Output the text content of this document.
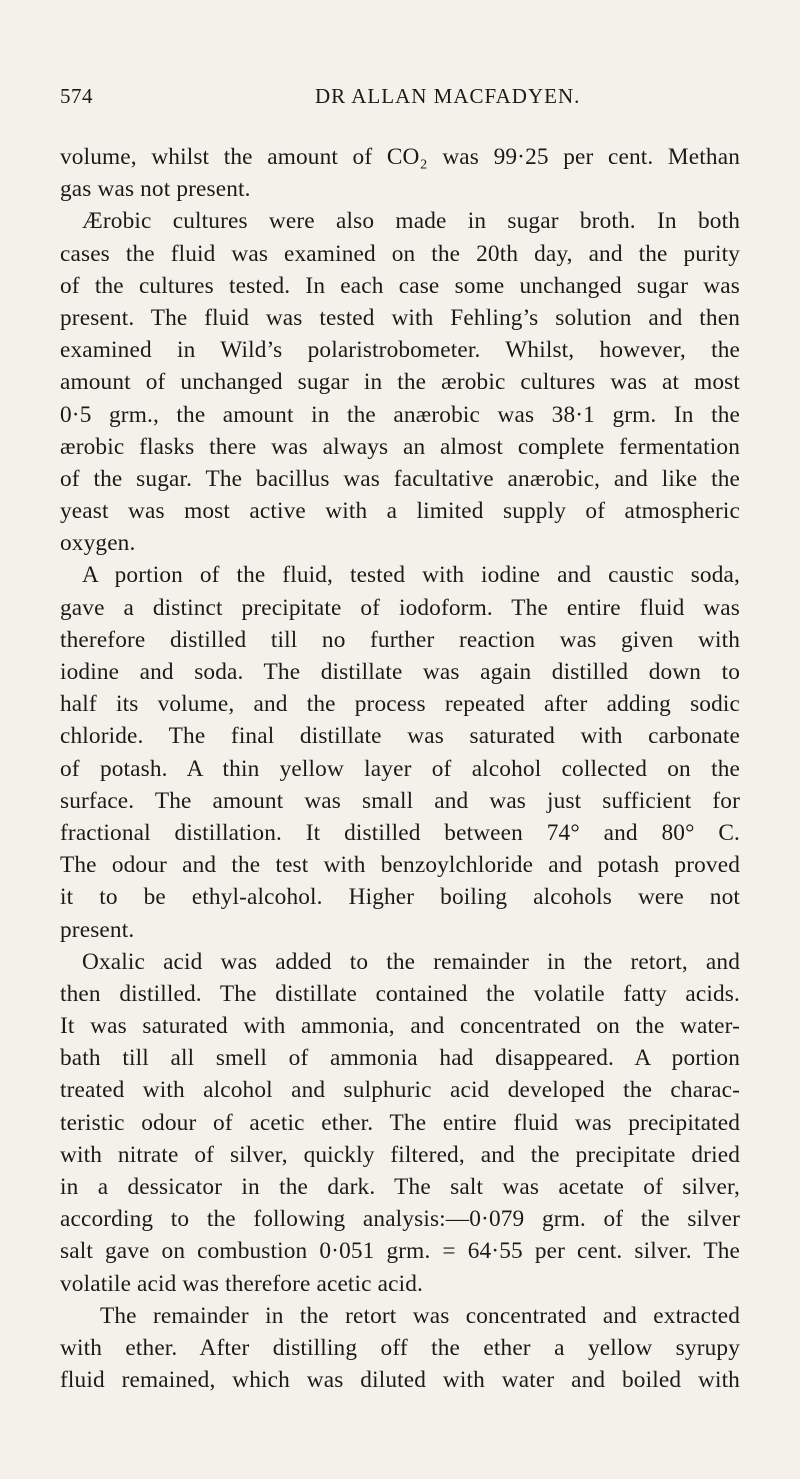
574	DR ALLAN MACFADYEN.
volume, whilst the amount of CO₂ was 99·25 per cent. Methan
gas was not present.
Ærobic cultures were also made in sugar broth. In both
cases the fluid was examined on the 20th day, and the purity
of the cultures tested. In each case some unchanged sugar was
present. The fluid was tested with Fehling’s solution and then
examined in Wild’s polaristrobometer. Whilst, however, the
amount of unchanged sugar in the ærobic cultures was at most
0·5 grm., the amount in the anærobic was 38·1 grm. In the
ærobic flasks there was always an almost complete fermentation
of the sugar. The bacillus was facultative anærobic, and like the
yeast was most active with a limited supply of atmospheric
oxygen.
A portion of the fluid, tested with iodine and caustic soda,
gave a distinct precipitate of iodoform. The entire fluid was
therefore distilled till no further reaction was given with
iodine and soda. The distillate was again distilled down to
half its volume, and the process repeated after adding sodic
chloride. The final distillate was saturated with carbonate
of potash. A thin yellow layer of alcohol collected on the
surface. The amount was small and was just sufficient for
fractional distillation. It distilled between 74° and 80° C.
The odour and the test with benzoylchloride and potash proved
it to be ethyl-alcohol. Higher boiling alcohols were not
present.
Oxalic acid was added to the remainder in the retort, and
then distilled. The distillate contained the volatile fatty acids.
It was saturated with ammonia, and concentrated on the water-
bath till all smell of ammonia had disappeared. A portion
treated with alcohol and sulphuric acid developed the charac-
teristic odour of acetic ether. The entire fluid was precipitated
with nitrate of silver, quickly filtered, and the precipitate dried
in a dessicator in the dark. The salt was acetate of silver,
according to the following analysis:—0·079 grm. of the silver
salt gave on combustion 0·051 grm. = 64·55 per cent. silver. The
volatile acid was therefore acetic acid.
The remainder in the retort was concentrated and extracted
with ether. After distilling off the ether a yellow syrupy
fluid remained, which was diluted with water and boiled with
